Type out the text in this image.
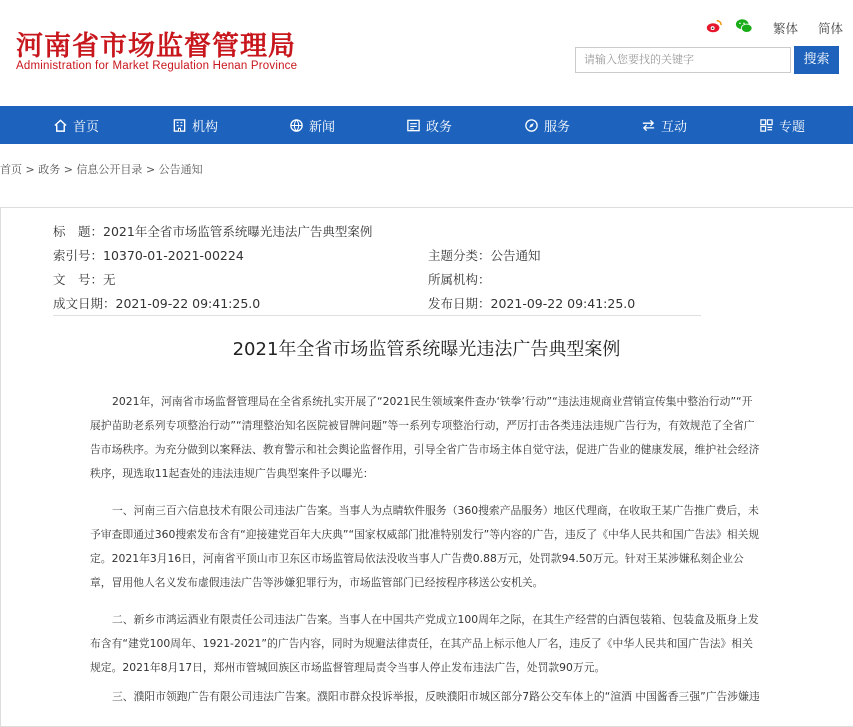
河南省市场监督管理局
Administration for Market Regulation Henan Province
繁体 简体
请输入您要找的关键字	搜索
首页	机构	新闻	政务	服务	互动	专题
首页 > 政务 > 信息公开目录 > 公告通知
标　题：2021年全省市场监管系统曝光违法广告典型案例
索引号：10370-01-2021-00224	主题分类：公告通知
文　号：无	所属机构：
成文日期：2021-09-22 09:41:25.0	发布日期：2021-09-22 09:41:25.0
2021年全省市场监管系统曝光违法广告典型案例
2021年，河南省市场监督管理局在全省系统扎实开展了“2021民生领域案件查办‘铁拳’行动”“违法违规商业营销宣传集中整治行动”“开展护苗助老系列专项整治行动”“清理整治知名医院被冒牌问题”等一系列专项整治行动，严厉打击各类违法违规广告行为，有效规范了全省广告市场秩序。为充分做到以案释法、教育警示和社会舆论监督作用，引导全省广告市场主体自觉守法，促进广告业的健康发展，维护社会经济秩序，现选取11起查处的违法违规广告典型案件予以曝光：
一、河南三百六信息技术有限公司违法广告案。当事人为点睛软件服务（360搜索产品服务）地区代理商，在收取王某广告推广费后，未予审查即通过360搜索发布含有“迎接建党百年大庆典”“国家权威部门批准特别发行”等内容的广告，违反了《中华人民共和国广告法》相关规定。2021年3月16日，河南省平顶山市卫东区市场监管局依法没收当事人广告费0.88万元，处罚款94.50万元。针对王某涉嫌私刻企业公章，冒用他人名义发布虚假违法广告等涉嫌犯罪行为，市场监管部门已经按程序移送公安机关。
二、新乡市鸿运酒业有限责任公司违法广告案。当事人在中国共产党成立100周年之际，在其生产经营的白酒包装箱、包装盒及瓶身上发布含有“建党100周年、1921-2021”的广告内容，同时为规避法律责任，在其产品上标示他人厂名，违反了《中华人民共和国广告法》相关规定。2021年8月17日，郑州市管城回族区市场监督管理局责令当事人停止发布违法广告，处罚款90万元。
三、濮阳市领跑广告有限公司违法广告案。濮阳市群众投诉举报，反映濮阳市城区部分7路公交车体上的“渲酒 中国酱香三强”广告涉嫌违
